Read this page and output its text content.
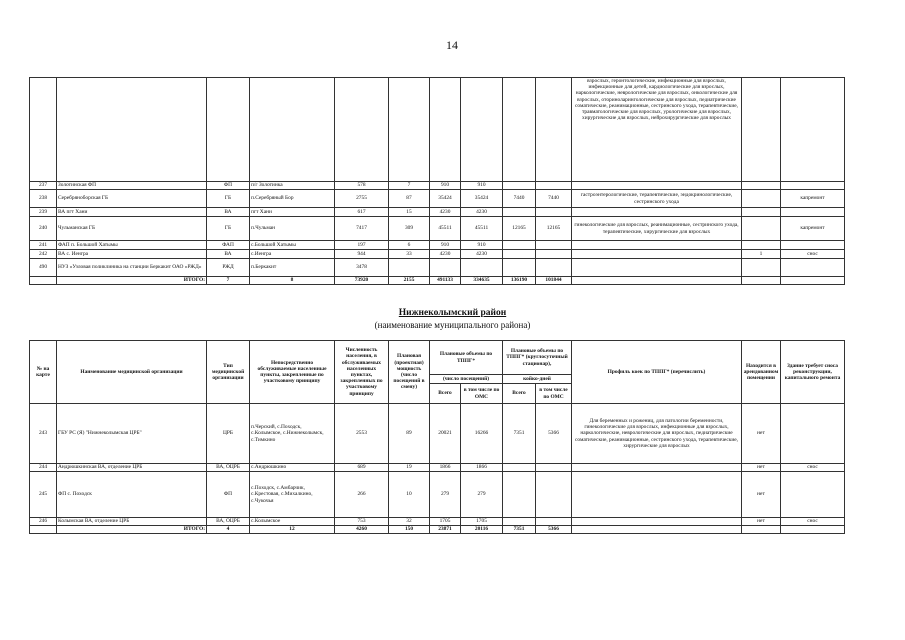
14
										взрослых, геронтологические, инфекционные для взрослых, инфекционные для детей, кардиологические для взрослых, наркологические, неврологические для взрослых, онкологические для взрослых, оториноларингологические для взрослых, педиатрические соматические, реанимационные, сестринского ухода, терапевтические, травматологические для взрослых, урологические для взрослых, хирургические для взрослых, нейрохирургические для взрослых		
237	Золотинская ФП	ФП	п/г Золотинка	578	7	910	910					
238	Серебряноборская ГБ	ГБ	п.Серебряный Бор	2755	87	35424	35424	7440	7440	гастроэнтерологические, терапевтические, эндокринологические, сестринского ухода		капремонт
239	ВА пгт Хани	ВА	пгт Хани	617	15	4230	4230					
240	Чульманская ГБ	ГБ	п.Чульман	7417	309	45511	45511	12165	12165	гинекологические для взрослых, реанимационные, сестринского ухода, терапевтические, хирургические для взрослых		капремонт
241	ФАП п. Большой Хатымы	ФАП	с.Большой Хатымы	197	6	910	910					
242	ВА с. Иенгра	ВА	с.Иенгра	944	33	4230	4230				1	снос
490	НУЗ «Узловая поликлиника на станции Беркакит ОАО «РЖД»	РЖД	п.Беркакит	3478								
	ИТОГО:	7	8	73920	2155	491133	334635	136190	101844			
Нижнеколымский район
(наименование муниципального района)
№ на карте	Наименование медицинской организации	Тип медицинской организации	Непосредственно обслуживаемые населенные пункты, закрепленные по участковому принципу	Численность населения, в обслуживаемых населенных пунктах, закрепленных по участковому принципу	Плановая (проектная) мощность (число посещений в смену)	Плановые объемы по ТППГ*		Плановые объемы по ТППГ* (круглосуточный стационар),		Профиль коек по ТППГ* (перечислить)	Находится в арендованном помещении	Здание требует сноса реконструкции, капитального ремонта
						(число посещений)		койко-дней				
						Всего	в том числе по ОМС	Всего	в том числе по ОМС			
243	ГБУ РС (Я) "Нижнеколымская ЦРБ"	ЦРБ	п.Черский, с.Походск, с.Колымское, с.Нижнеколымск, с.Тимкино	2553	89	20021	16266	7351	5366	Для беременных и рожениц, для патологии беременности, гинекологические для взрослых, инфекционные для взрослых, наркологические, неврологические для взрослых, педиатрические соматические, реанимационные, сестринского ухода, терапевтические, хирургические для взрослых	нет	
244	Андрюшкинская ВА, отделение ЦРБ	ВА, ОЦРБ	с.Андрюшкино	689	19	1866	1866				нет	снос
245	ФП с. Походск	ФП	с.Походск, с.Амбарчик, с.Крестовая, с.Михалкино, с.Чукочья	266	10	279	279				нет	
246	Колымская ВА, отделение ЦРБ	ВА, ОЦРБ	с.Колымское	753	32	1705	1705				нет	снос
	ИТОГО:	4	12	4260	150	23871	20116	7351	5366			
